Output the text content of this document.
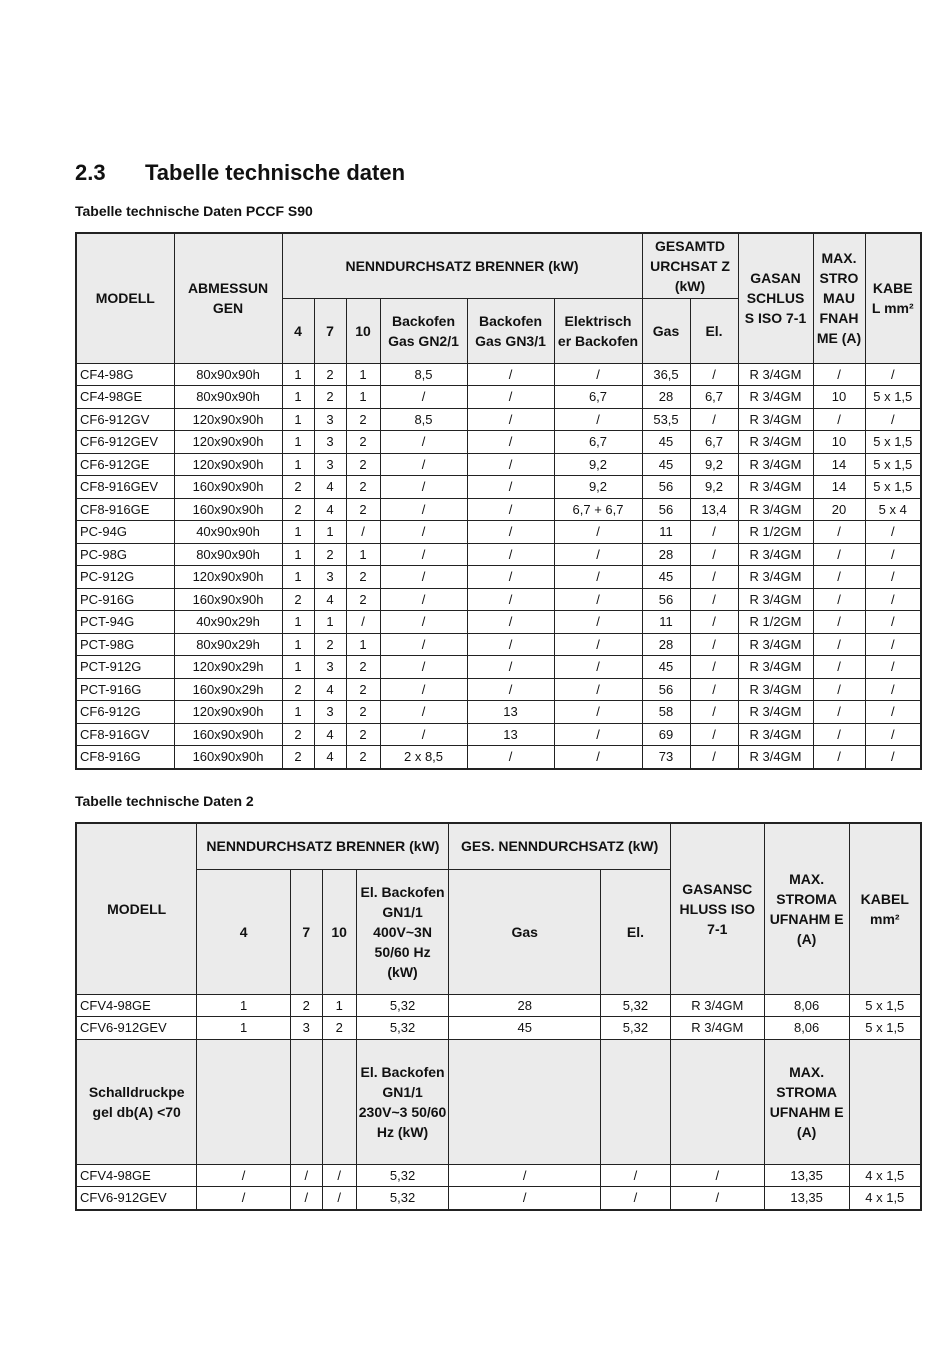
2.3 Tabelle technische daten
Tabelle technische Daten PCCF S90
MODELL	ABMESSUN GEN	NENNDURCHSATZ BRENNER (kW)						GESAMTD URCHSAT Z (kW)		GASAN SCHLUS S ISO 7-1	MAX. STRO MAU FNAH ME (A)	KABE L mm²
		4	7	10	Backofen Gas GN2/1	Backofen Gas GN3/1	Elektrisch er Backofen	Gas	El.			
CF4-98G	80x90x90h	1	2	1	8,5	/	/	36,5	/	R 3/4GM	/	/
CF4-98GE	80x90x90h	1	2	1	/	/	6,7	28	6,7	R 3/4GM	10	5 x 1,5
CF6-912GV	120x90x90h	1	3	2	8,5	/	/	53,5	/	R 3/4GM	/	/
CF6-912GEV	120x90x90h	1	3	2	/	/	6,7	45	6,7	R 3/4GM	10	5 x 1,5
CF6-912GE	120x90x90h	1	3	2	/	/	9,2	45	9,2	R 3/4GM	14	5 x 1,5
CF8-916GEV	160x90x90h	2	4	2	/	/	9,2	56	9,2	R 3/4GM	14	5 x 1,5
CF8-916GE	160x90x90h	2	4	2	/	/	6,7 + 6,7	56	13,4	R 3/4GM	20	5 x 4
PC-94G	40x90x90h	1	1	/	/	/	/	11	/	R 1/2GM	/	/
PC-98G	80x90x90h	1	2	1	/	/	/	28	/	R 3/4GM	/	/
PC-912G	120x90x90h	1	3	2	/	/	/	45	/	R 3/4GM	/	/
PC-916G	160x90x90h	2	4	2	/	/	/	56	/	R 3/4GM	/	/
PCT-94G	40x90x29h	1	1	/	/	/	/	11	/	R 1/2GM	/	/
PCT-98G	80x90x29h	1	2	1	/	/	/	28	/	R 3/4GM	/	/
PCT-912G	120x90x29h	1	3	2	/	/	/	45	/	R 3/4GM	/	/
PCT-916G	160x90x29h	2	4	2	/	/	/	56	/	R 3/4GM	/	/
CF6-912G	120x90x90h	1	3	2	/	13	/	58	/	R 3/4GM	/	/
CF8-916GV	160x90x90h	2	4	2	/	13	/	69	/	R 3/4GM	/	/
CF8-916G	160x90x90h	2	4	2	2 x 8,5	/	/	73	/	R 3/4GM	/	/
Tabelle technische Daten 2
MODELL	NENNDURCHSATZ BRENNER (kW)				GES. NENNDURCHSATZ (kW)		GASANSC HLUSS ISO 7-1	MAX. STROMA UFNAHM E (A)	KABEL mm²
	4	7	10	El. Backofen GN1/1 400V~3N 50/60 Hz (kW)	Gas	El.			
CFV4-98GE	1	2	1	5,32	28	5,32	R 3/4GM	8,06	5 x 1,5
CFV6-912GEV	1	3	2	5,32	45	5,32	R 3/4GM	8,06	5 x 1,5
Schalldruckpe gel db(A) <70				El. Backofen GN1/1 230V~3 50/60 Hz (kW)				MAX. STROMA UFNAHM E (A)	
CFV4-98GE	/	/	/	5,32	/	/	/	13,35	4 x 1,5
CFV6-912GEV	/	/	/	5,32	/	/	/	13,35	4 x 1,5
